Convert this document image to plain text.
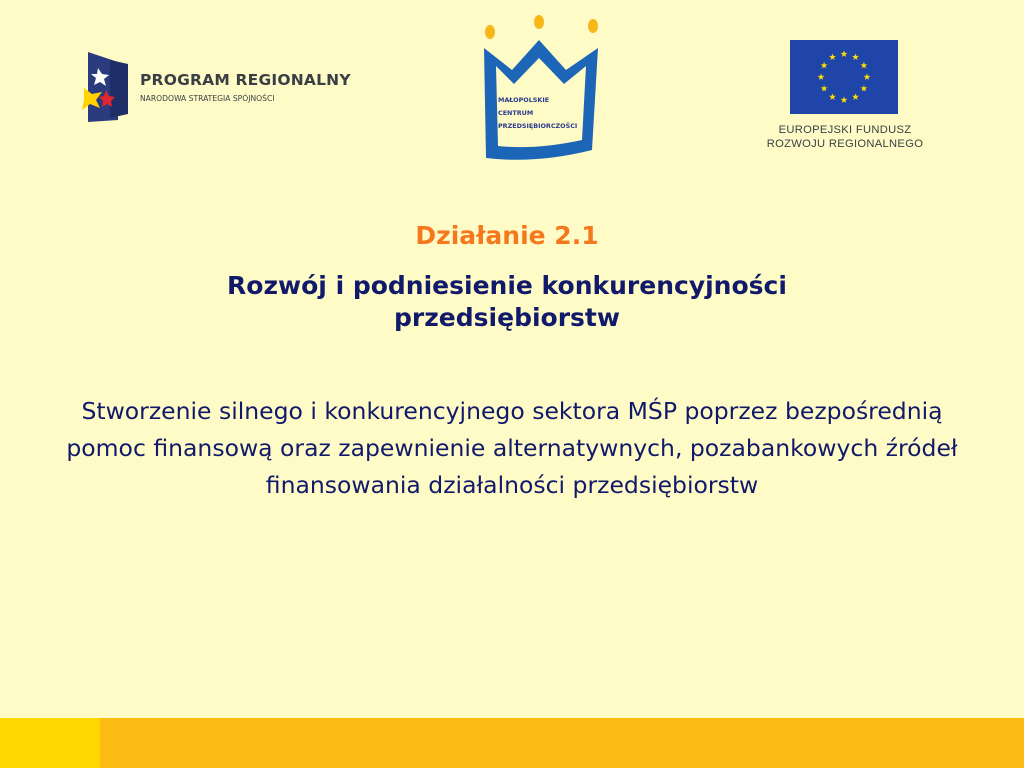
PROGRAM REGIONALNY
NARODOWA STRATEGIA SPÓJNOŚCI	MAŁOPOLSKIE
CENTRUM
PRZEDSIĘBIORCZOŚCI	EUROPEJSKI FUNDUSZ
ROZWOJU REGIONALNEGO
Działanie 2.1
Rozwój i podniesienie konkurencyjności przedsiębiorstw
Stworzenie silnego i konkurencyjnego sektora MŚP poprzez bezpośrednią pomoc finansową oraz zapewnienie alternatywnych, pozabankowych źródeł finansowania działalności przedsiębiorstw
